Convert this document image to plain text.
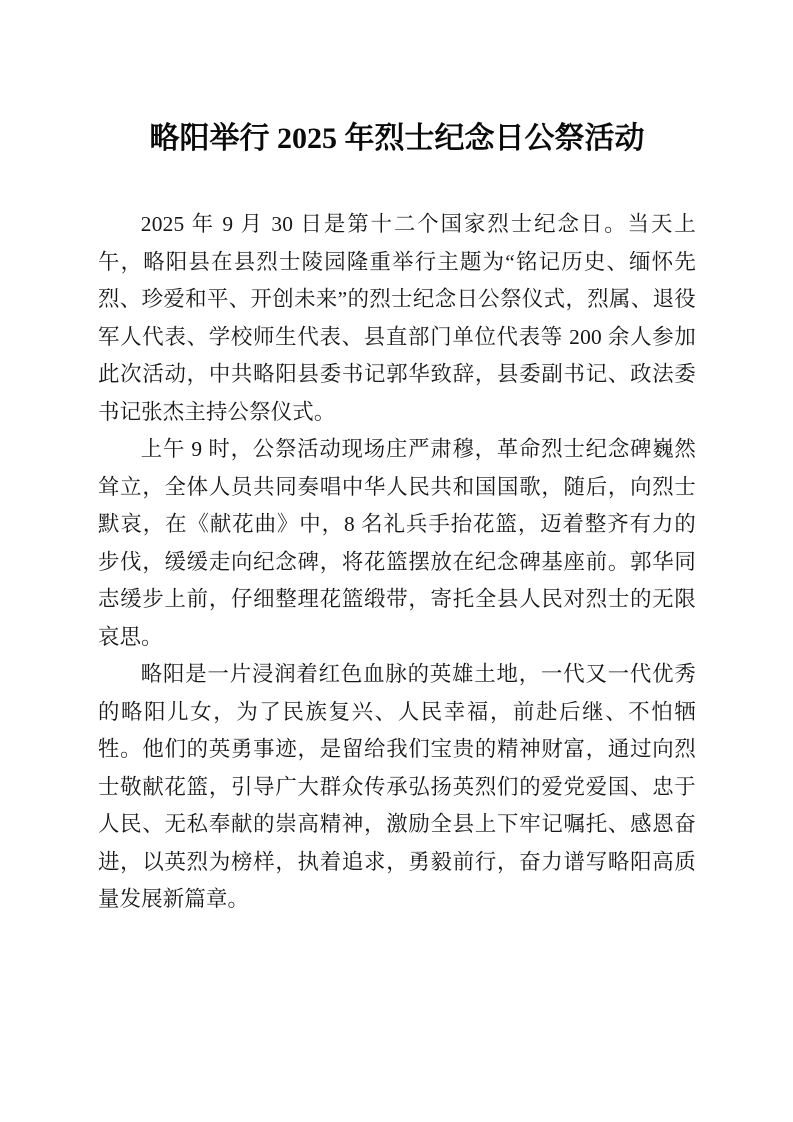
略阳举行 2025 年烈士纪念日公祭活动

2025 年 9 月 30 日是第十二个国家烈士纪念日。当天上午，略阳县在县烈士陵园隆重举行主题为“铭记历史、缅怀先烈、珍爱和平、开创未来”的烈士纪念日公祭仪式，烈属、退役军人代表、学校师生代表、县直部门单位代表等 200 余人参加此次活动，中共略阳县委书记郭华致辞，县委副书记、政法委书记张杰主持公祭仪式。

上午 9 时，公祭活动现场庄严肃穆，革命烈士纪念碑巍然耸立，全体人员共同奏唱中华人民共和国国歌，随后，向烈士默哀，在《献花曲》中，8 名礼兵手抬花篮，迈着整齐有力的步伐，缓缓走向纪念碑，将花篮摆放在纪念碑基座前。郭华同志缓步上前，仔细整理花篮缎带，寄托全县人民对烈士的无限哀思。

略阳是一片浸润着红色血脉的英雄土地，一代又一代优秀的略阳儿女，为了民族复兴、人民幸福，前赴后继、不怕牺牲。他们的英勇事迹，是留给我们宝贵的精神财富，通过向烈士敬献花篮，引导广大群众传承弘扬英烈们的爱党爱国、忠于人民、无私奉献的崇高精神，激励全县上下牢记嘱托、感恩奋进，以英烈为榜样，执着追求，勇毅前行，奋力谱写略阳高质量发展新篇章。
